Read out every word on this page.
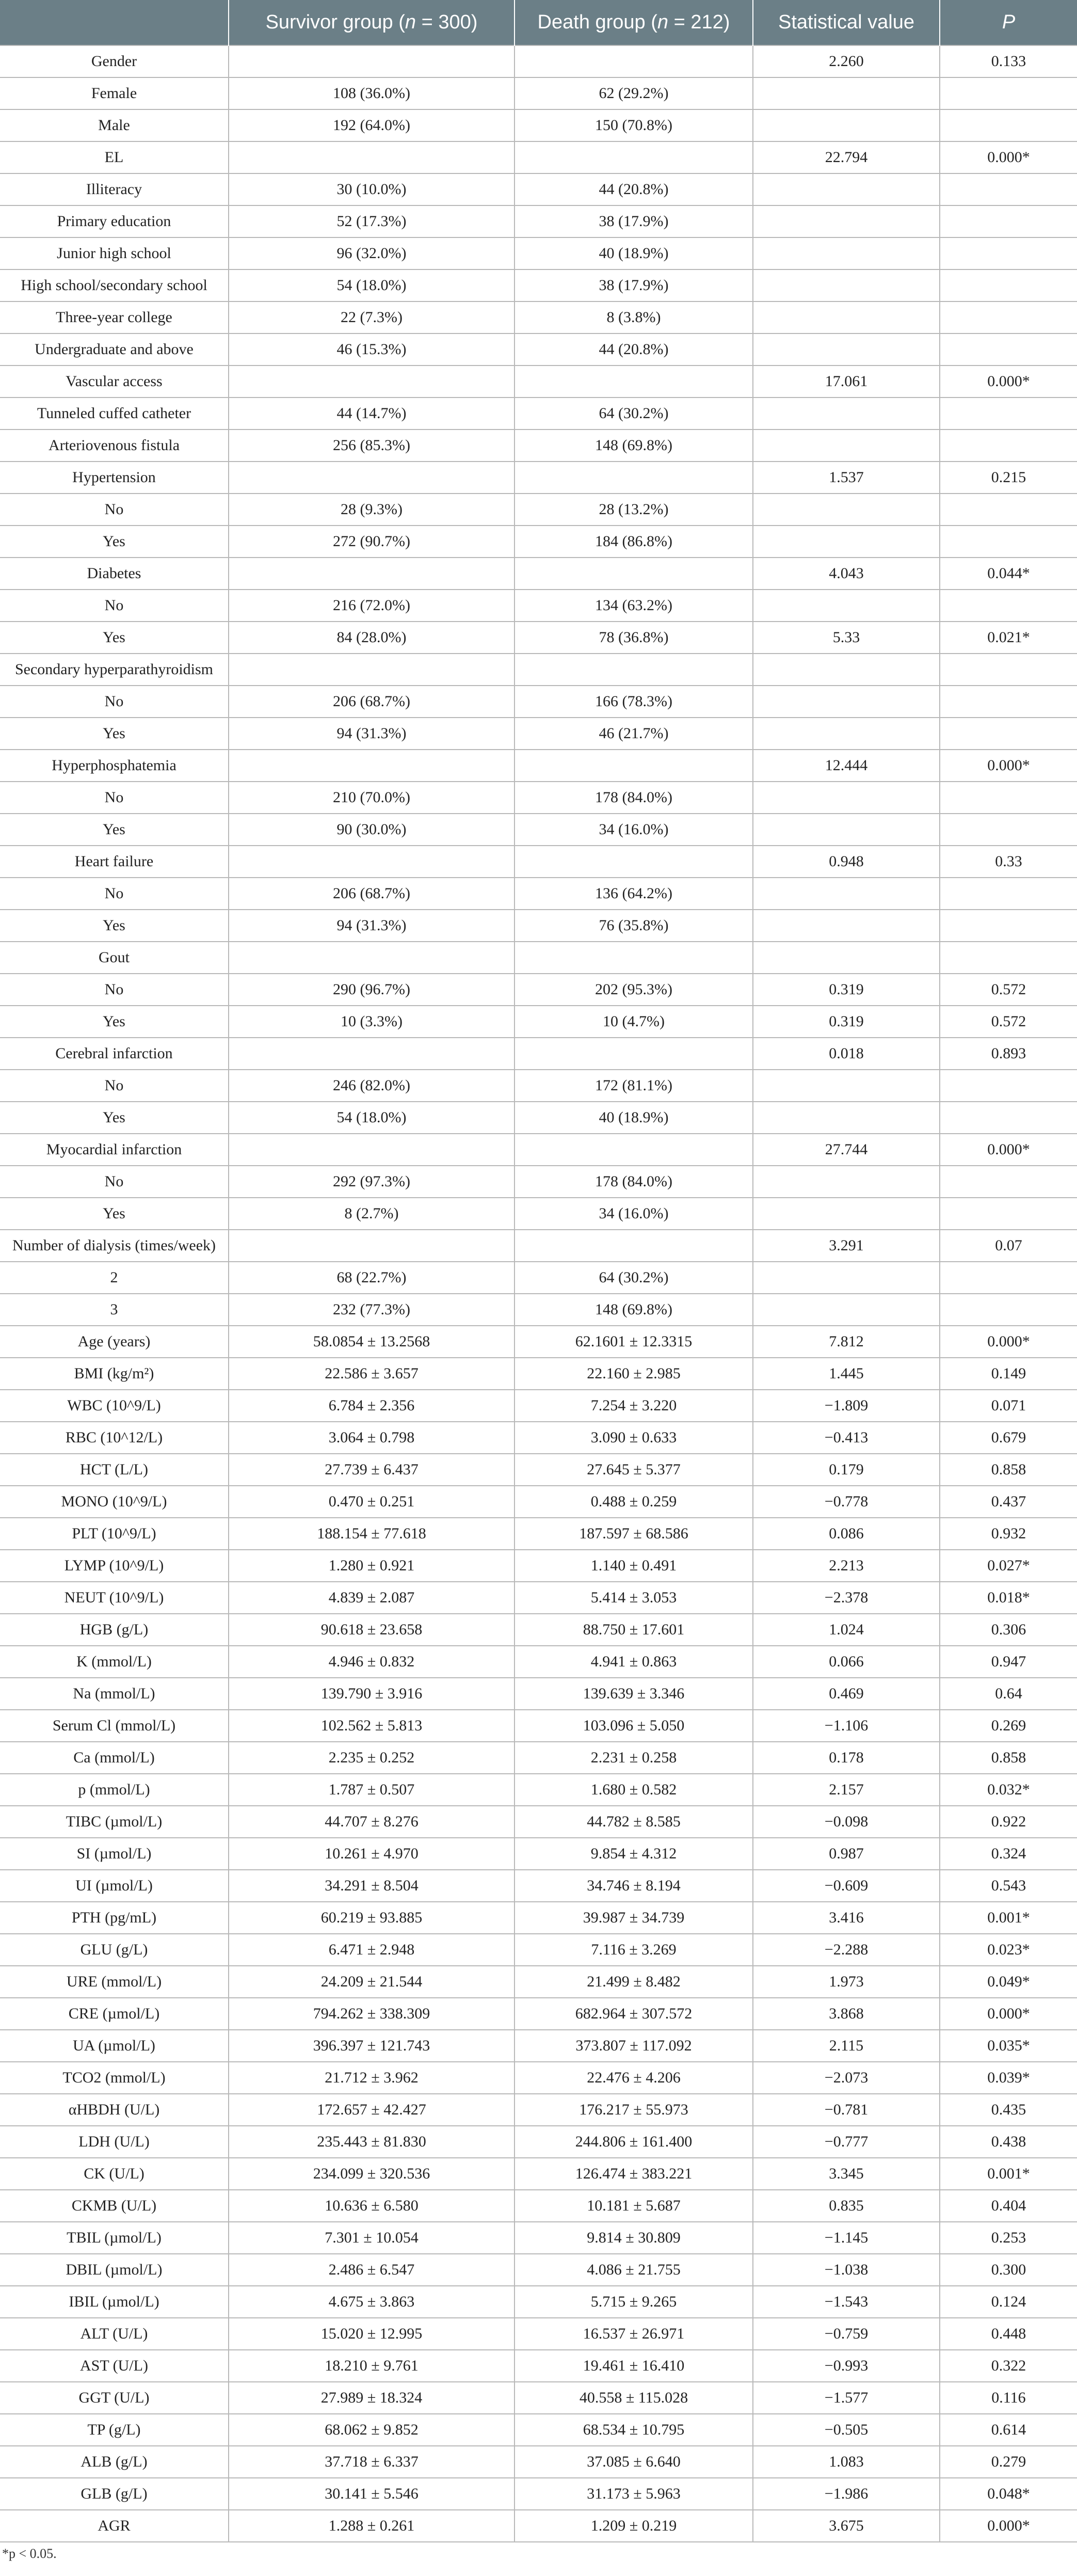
	Survivor group (n = 300)	Death group (n = 212)	Statistical value	P
Gender			2.260	0.133
Female	108 (36.0%)	62 (29.2%)		
Male	192 (64.0%)	150 (70.8%)		
EL			22.794	0.000*
Illiteracy	30 (10.0%)	44 (20.8%)		
Primary education	52 (17.3%)	38 (17.9%)		
Junior high school	96 (32.0%)	40 (18.9%)		
High school/secondary school	54 (18.0%)	38 (17.9%)		
Three-year college	22 (7.3%)	8 (3.8%)		
Undergraduate and above	46 (15.3%)	44 (20.8%)		
Vascular access			17.061	0.000*
Tunneled cuffed catheter	44 (14.7%)	64 (30.2%)		
Arteriovenous fistula	256 (85.3%)	148 (69.8%)		
Hypertension			1.537	0.215
No	28 (9.3%)	28 (13.2%)		
Yes	272 (90.7%)	184 (86.8%)		
Diabetes			4.043	0.044*
No	216 (72.0%)	134 (63.2%)		
Yes	84 (28.0%)	78 (36.8%)	5.33	0.021*
Secondary hyperparathyroidism				
No	206 (68.7%)	166 (78.3%)		
Yes	94 (31.3%)	46 (21.7%)		
Hyperphosphatemia			12.444	0.000*
No	210 (70.0%)	178 (84.0%)		
Yes	90 (30.0%)	34 (16.0%)		
Heart failure			0.948	0.33
No	206 (68.7%)	136 (64.2%)		
Yes	94 (31.3%)	76 (35.8%)		
Gout				
No	290 (96.7%)	202 (95.3%)	0.319	0.572
Yes	10 (3.3%)	10 (4.7%)	0.319	0.572
Cerebral infarction			0.018	0.893
No	246 (82.0%)	172 (81.1%)		
Yes	54 (18.0%)	40 (18.9%)		
Myocardial infarction			27.744	0.000*
No	292 (97.3%)	178 (84.0%)		
Yes	8 (2.7%)	34 (16.0%)		
Number of dialysis (times/week)			3.291	0.07
2	68 (22.7%)	64 (30.2%)		
3	232 (77.3%)	148 (69.8%)		
Age (years)	58.0854 ± 13.2568	62.1601 ± 12.3315	7.812	0.000*
BMI (kg/m²)	22.586 ± 3.657	22.160 ± 2.985	1.445	0.149
WBC (10^9/L)	6.784 ± 2.356	7.254 ± 3.220	−1.809	0.071
RBC (10^12/L)	3.064 ± 0.798	3.090 ± 0.633	−0.413	0.679
HCT (L/L)	27.739 ± 6.437	27.645 ± 5.377	0.179	0.858
MONO (10^9/L)	0.470 ± 0.251	0.488 ± 0.259	−0.778	0.437
PLT (10^9/L)	188.154 ± 77.618	187.597 ± 68.586	0.086	0.932
LYMP (10^9/L)	1.280 ± 0.921	1.140 ± 0.491	2.213	0.027*
NEUT (10^9/L)	4.839 ± 2.087	5.414 ± 3.053	−2.378	0.018*
HGB (g/L)	90.618 ± 23.658	88.750 ± 17.601	1.024	0.306
K (mmol/L)	4.946 ± 0.832	4.941 ± 0.863	0.066	0.947
Na (mmol/L)	139.790 ± 3.916	139.639 ± 3.346	0.469	0.64
Serum Cl (mmol/L)	102.562 ± 5.813	103.096 ± 5.050	−1.106	0.269
Ca (mmol/L)	2.235 ± 0.252	2.231 ± 0.258	0.178	0.858
p (mmol/L)	1.787 ± 0.507	1.680 ± 0.582	2.157	0.032*
TIBC (µmol/L)	44.707 ± 8.276	44.782 ± 8.585	−0.098	0.922
SI (µmol/L)	10.261 ± 4.970	9.854 ± 4.312	0.987	0.324
UI (µmol/L)	34.291 ± 8.504	34.746 ± 8.194	−0.609	0.543
PTH (pg/mL)	60.219 ± 93.885	39.987 ± 34.739	3.416	0.001*
GLU (g/L)	6.471 ± 2.948	7.116 ± 3.269	−2.288	0.023*
URE (mmol/L)	24.209 ± 21.544	21.499 ± 8.482	1.973	0.049*
CRE (µmol/L)	794.262 ± 338.309	682.964 ± 307.572	3.868	0.000*
UA (µmol/L)	396.397 ± 121.743	373.807 ± 117.092	2.115	0.035*
TCO2 (mmol/L)	21.712 ± 3.962	22.476 ± 4.206	−2.073	0.039*
αHBDH (U/L)	172.657 ± 42.427	176.217 ± 55.973	−0.781	0.435
LDH (U/L)	235.443 ± 81.830	244.806 ± 161.400	−0.777	0.438
CK (U/L)	234.099 ± 320.536	126.474 ± 383.221	3.345	0.001*
CKMB (U/L)	10.636 ± 6.580	10.181 ± 5.687	0.835	0.404
TBIL (µmol/L)	7.301 ± 10.054	9.814 ± 30.809	−1.145	0.253
DBIL (µmol/L)	2.486 ± 6.547	4.086 ± 21.755	−1.038	0.300
IBIL (µmol/L)	4.675 ± 3.863	5.715 ± 9.265	−1.543	0.124
ALT (U/L)	15.020 ± 12.995	16.537 ± 26.971	−0.759	0.448
AST (U/L)	18.210 ± 9.761	19.461 ± 16.410	−0.993	0.322
GGT (U/L)	27.989 ± 18.324	40.558 ± 115.028	−1.577	0.116
TP (g/L)	68.062 ± 9.852	68.534 ± 10.795	−0.505	0.614
ALB (g/L)	37.718 ± 6.337	37.085 ± 6.640	1.083	0.279
GLB (g/L)	30.141 ± 5.546	31.173 ± 5.963	−1.986	0.048*
AGR	1.288 ± 0.261	1.209 ± 0.219	3.675	0.000*
*p < 0.05.
